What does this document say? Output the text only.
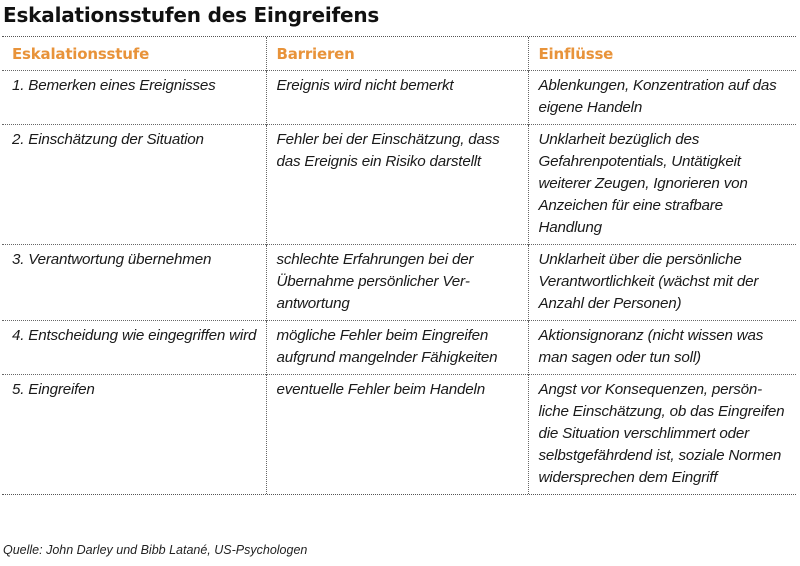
Eskalationsstufen des Eingreifens
Eskalationsstufe	Barrieren	Einflüsse
1. Bemerken eines Ereignisses	Ereignis wird nicht bemerkt	Ablenkungen, Konzentration auf das eigene Handeln
2. Einschätzung der Situation	Fehler bei der Einschätzung, dass das Ereignis ein Risiko darstellt	Unklarheit bezüglich des Gefahrenpotentials, Untätigkeit weiterer Zeugen, Ignorieren von Anzeichen für eine strafbare Handlung
3. Verantwortung übernehmen	schlechte Erfahrungen bei der Übernahme persönlicher Verantwortung	Unklarheit über die persönliche Verantwortlichkeit (wächst mit der Anzahl der Personen)
4. Entscheidung wie eingegriffen wird	mögliche Fehler beim Eingreifen aufgrund mangelnder Fähigkeiten	Aktionsignoranz (nicht wissen was man sagen oder tun soll)
5. Eingreifen	eventuelle Fehler beim Handeln	Angst vor Konsequenzen, persönliche Einschätzung, ob das Eingreifen die Situation verschlimmert oder selbstgefährdend ist, soziale Normen widersprechen dem Eingriff
Quelle: John Darley und Bibb Latané, US-Psychologen
